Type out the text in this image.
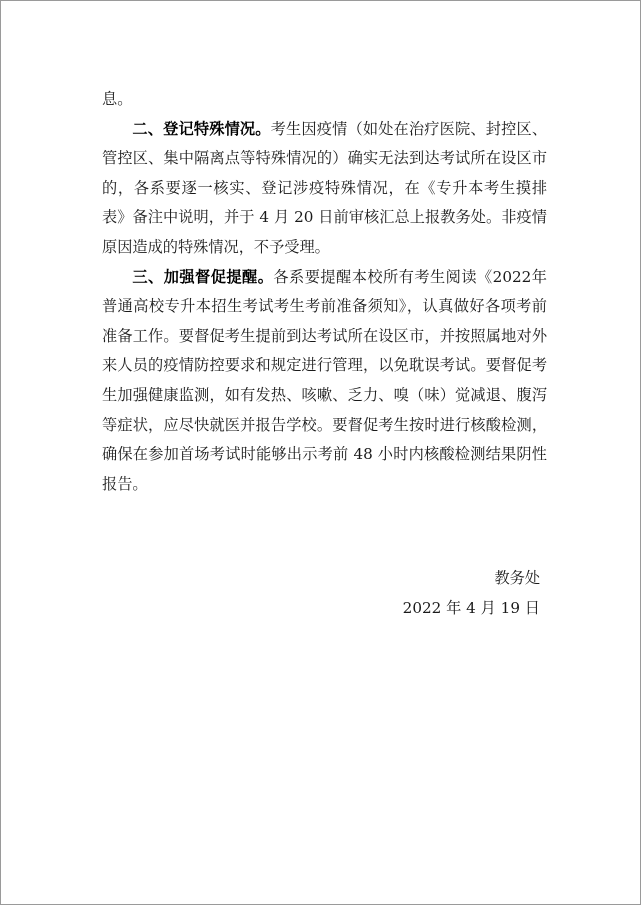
息。

二、登记特殊情况。考生因疫情（如处在治疗医院、封控区、管控区、集中隔离点等特殊情况的）确实无法到达考试所在设区市的，各系要逐一核实、登记涉疫特殊情况，在《专升本考生摸排表》备注中说明，并于 4 月 20 日前审核汇总上报教务处。非疫情原因造成的特殊情况，不予受理。

三、加强督促提醒。各系要提醒本校所有考生阅读《2022年普通高校专升本招生考试考生考前准备须知》，认真做好各项考前准备工作。要督促考生提前到达考试所在设区市，并按照属地对外来人员的疫情防控要求和规定进行管理，以免耽误考试。要督促考生加强健康监测，如有发热、咳嗽、乏力、嗅（味）觉减退、腹泻等症状，应尽快就医并报告学校。要督促考生按时进行核酸检测，确保在参加首场考试时能够出示考前 48 小时内核酸检测结果阴性报告。

教务处
2022 年 4 月 19 日
